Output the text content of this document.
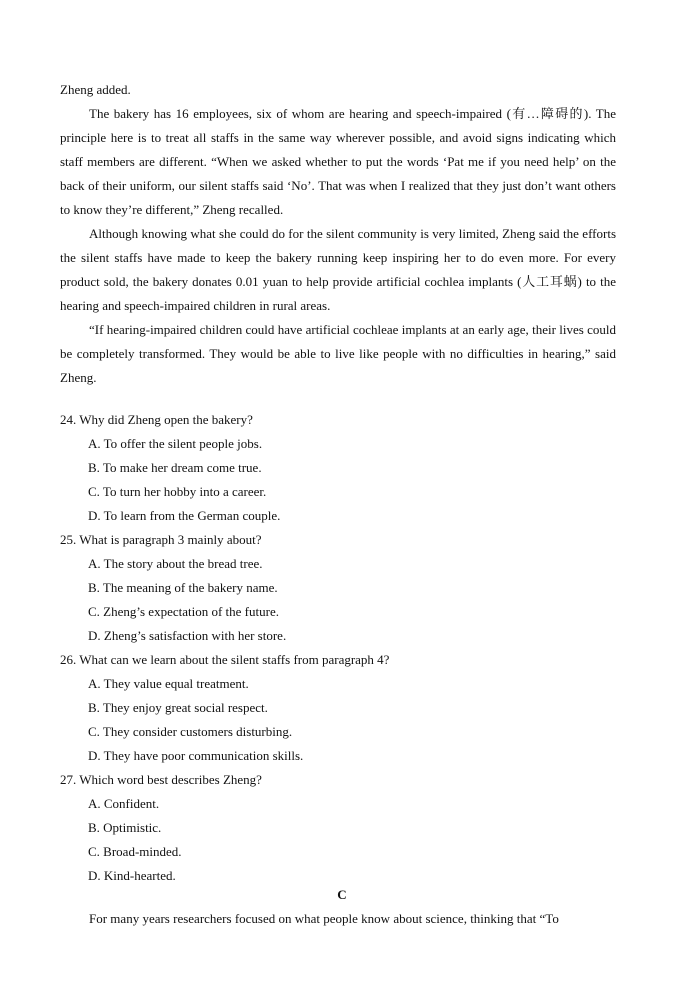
Zheng added.

The bakery has 16 employees, six of whom are hearing and speech-impaired (有…障碍的). The principle here is to treat all staffs in the same way wherever possible, and avoid signs indicating which staff members are different. “When we asked whether to put the words ‘Pat me if you need help’ on the back of their uniform, our silent staffs said ‘No’. That was when I realized that they just don’t want others to know they’re different,” Zheng recalled.

Although knowing what she could do for the silent community is very limited, Zheng said the efforts the silent staffs have made to keep the bakery running keep inspiring her to do even more. For every product sold, the bakery donates 0.01 yuan to help provide artificial cochlea implants (人工耳蜗) to the hearing and speech-impaired children in rural areas.

“If hearing-impaired children could have artificial cochleae implants at an early age, their lives could be completely transformed. They would be able to live like people with no difficulties in hearing,” said Zheng.

24. Why did Zheng open the bakery?

A. To offer the silent people jobs.

B. To make her dream come true.

C. To turn her hobby into a career.

D. To learn from the German couple.

25. What is paragraph 3 mainly about?

A. The story about the bread tree.

B. The meaning of the bakery name.

C. Zheng’s expectation of the future.

D. Zheng’s satisfaction with her store.

26. What can we learn about the silent staffs from paragraph 4?

A. They value equal treatment.

B. They enjoy great social respect.

C. They consider customers disturbing.

D. They have poor communication skills.

27. Which word best describes Zheng?

A. Confident.

B. Optimistic.

C. Broad-minded.

D. Kind-hearted.

C

For many years researchers focused on what people know about science, thinking that “To
